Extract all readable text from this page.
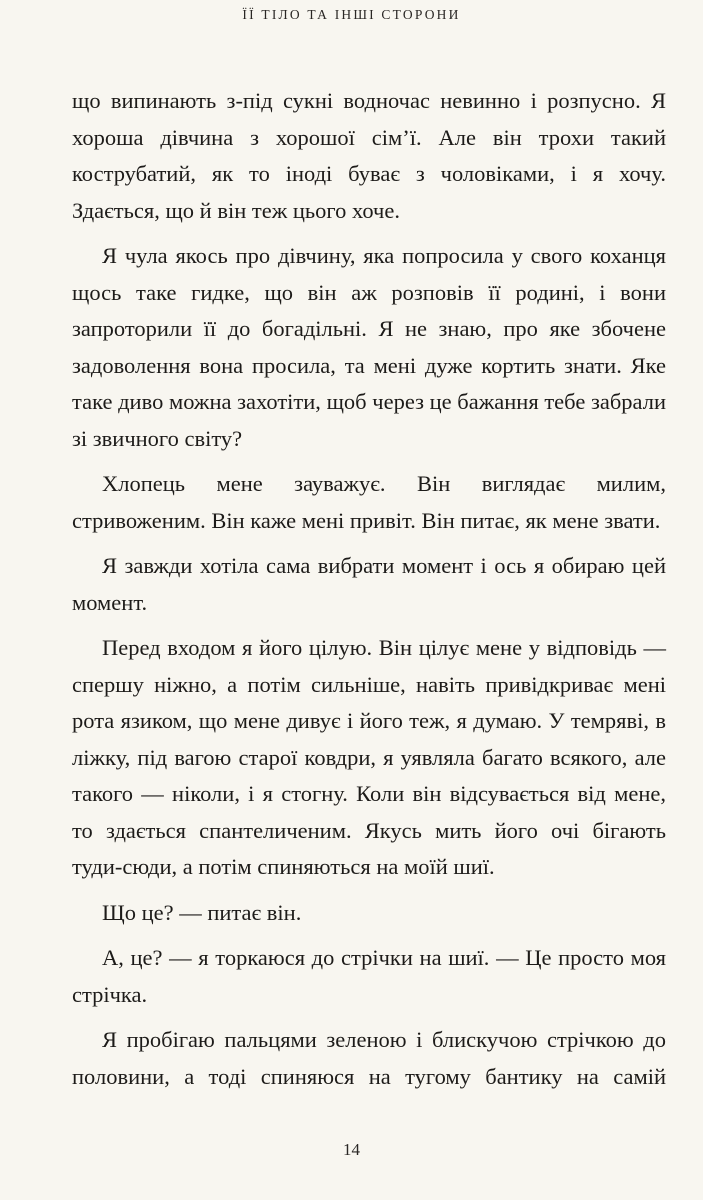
ЇЇ ТІЛО ТА ІНШІ СТОРОНИ

що випинають з-під сукні водночас невинно і розпусно. Я хороша дівчина з хорошої сім’ї. Але він трохи такий кострубатий, як то іноді буває з чоловіками, і я хочу. Здається, що й він теж цього хоче.

Я чула якось про дівчину, яка попросила у свого коханця щось таке гидке, що він аж розповів її родині, і вони запроторили її до богадільні. Я не знаю, про яке збочене задоволення вона просила, та мені дуже кортить знати. Яке таке диво можна захотіти, щоб через це бажання тебе забрали зі звичного світу?

Хлопець мене зауважує. Він виглядає милим, стривоженим. Він каже мені привіт. Він питає, як мене звати.

Я завжди хотіла сама вибрати момент і ось я обираю цей момент.

Перед входом я його цілую. Він цілує мене у відповідь — спершу ніжно, а потім сильніше, навіть привідкриває мені рота язиком, що мене дивує і його теж, я думаю. У темряві, в ліжку, під вагою старої ковдри, я уявляла багато всякого, але такого — ніколи, і я стогну. Коли він відсувається від мене, то здається спантеличеним. Якусь мить його очі бігають туди-сюди, а потім спиняються на моїй шиї.

Що це? — питає він.

А, це? — я торкаюся до стрічки на шиї. — Це просто моя стрічка.

Я пробігаю пальцями зеленою і блискучою стрічкою до половини, а тоді спиняюся на тугому бантику на самій

14
